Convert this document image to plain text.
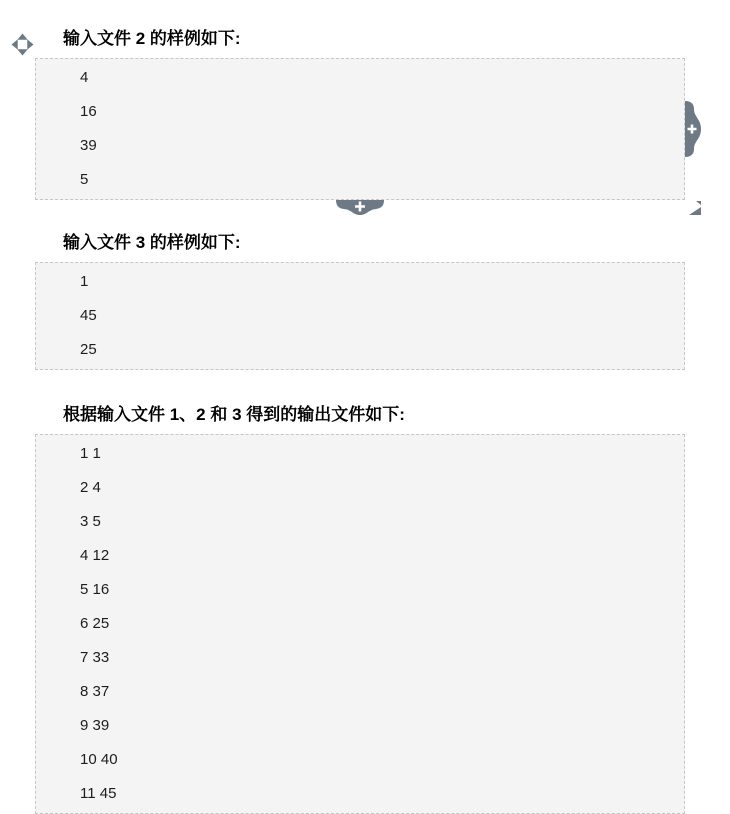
输入文件 2 的样例如下:
4
16
39
5
输入文件 3 的样例如下:
1
45
25
根据输入文件 1、2 和 3 得到的输出文件如下:
1 1
2 4
3 5
4 12
5 16
6 25
7 33
8 37
9 39
10 40
11 45
